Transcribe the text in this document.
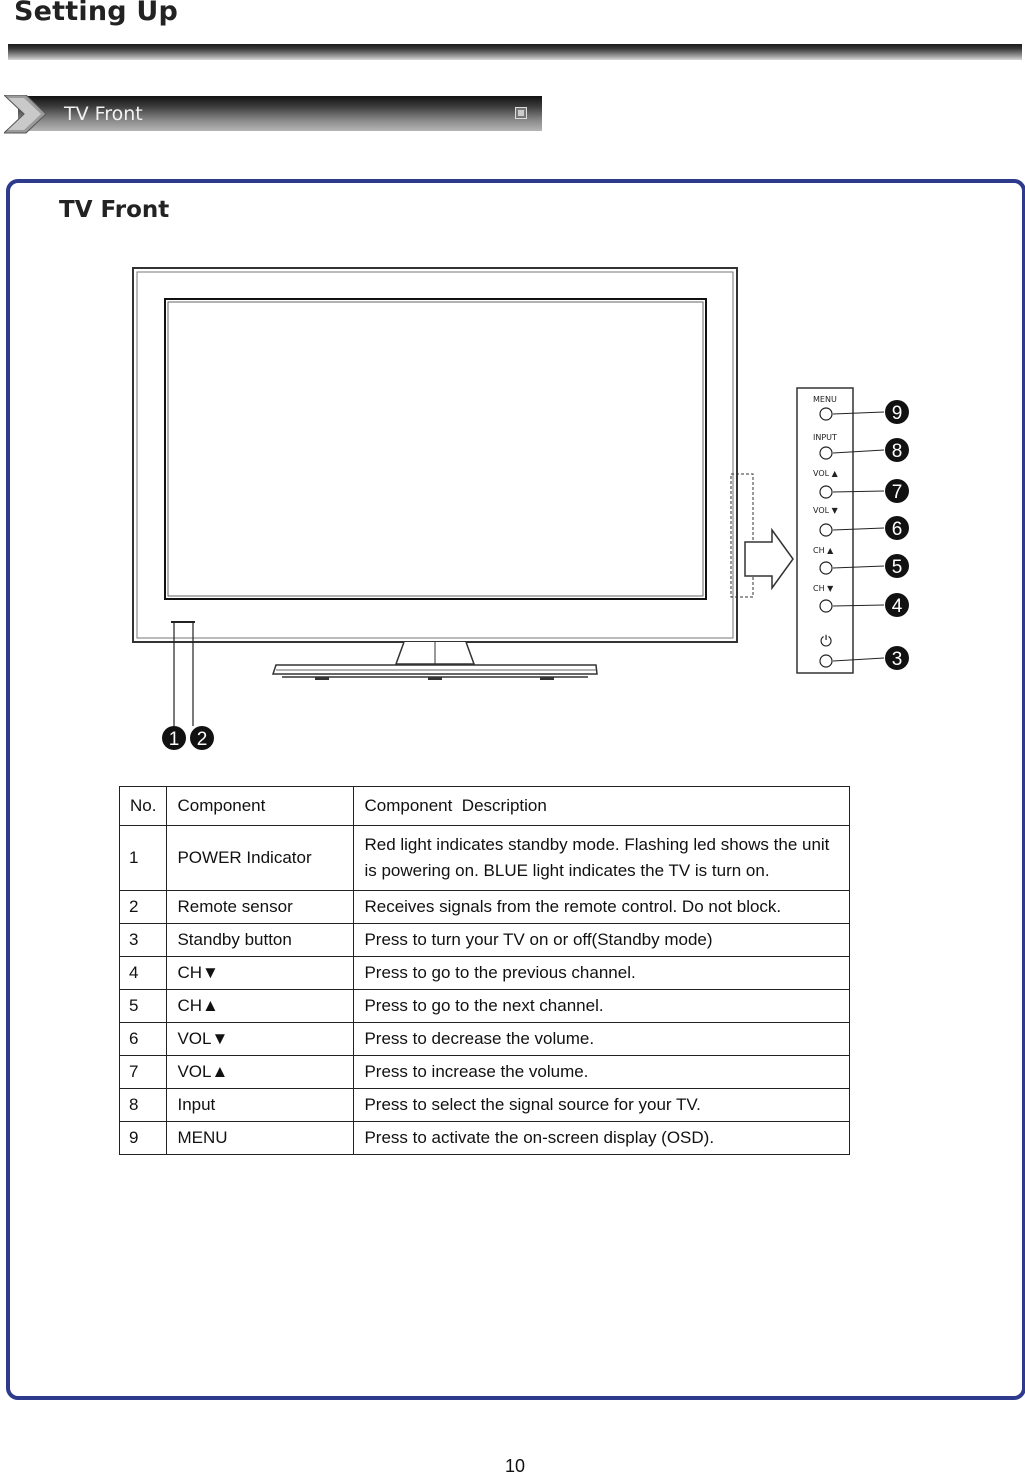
Setting Up
TV Front
TV Front
MENU
9
INPUT
8
VOL ▲
7
VOL ▼
6
CH ▲
5
CH ▼
4
⏻
3
1 2
No.	Component	Component  Description
1	POWER Indicator	Red light indicates standby mode. Flashing led shows the unit is powering on. BLUE light indicates the TV is turn on.
2	Remote sensor	Receives signals from the remote control. Do not block.
3	Standby button	Press to turn your TV on or off(Standby mode)
4	CH▼	Press to go to the previous channel.
5	CH▲	Press to go to the next channel.
6	VOL▼	Press to decrease the volume.
7	VOL▲	Press to increase the volume.
8	Input	Press to select the signal source for your TV.
9	MENU	Press to activate the on-screen display (OSD).
10
